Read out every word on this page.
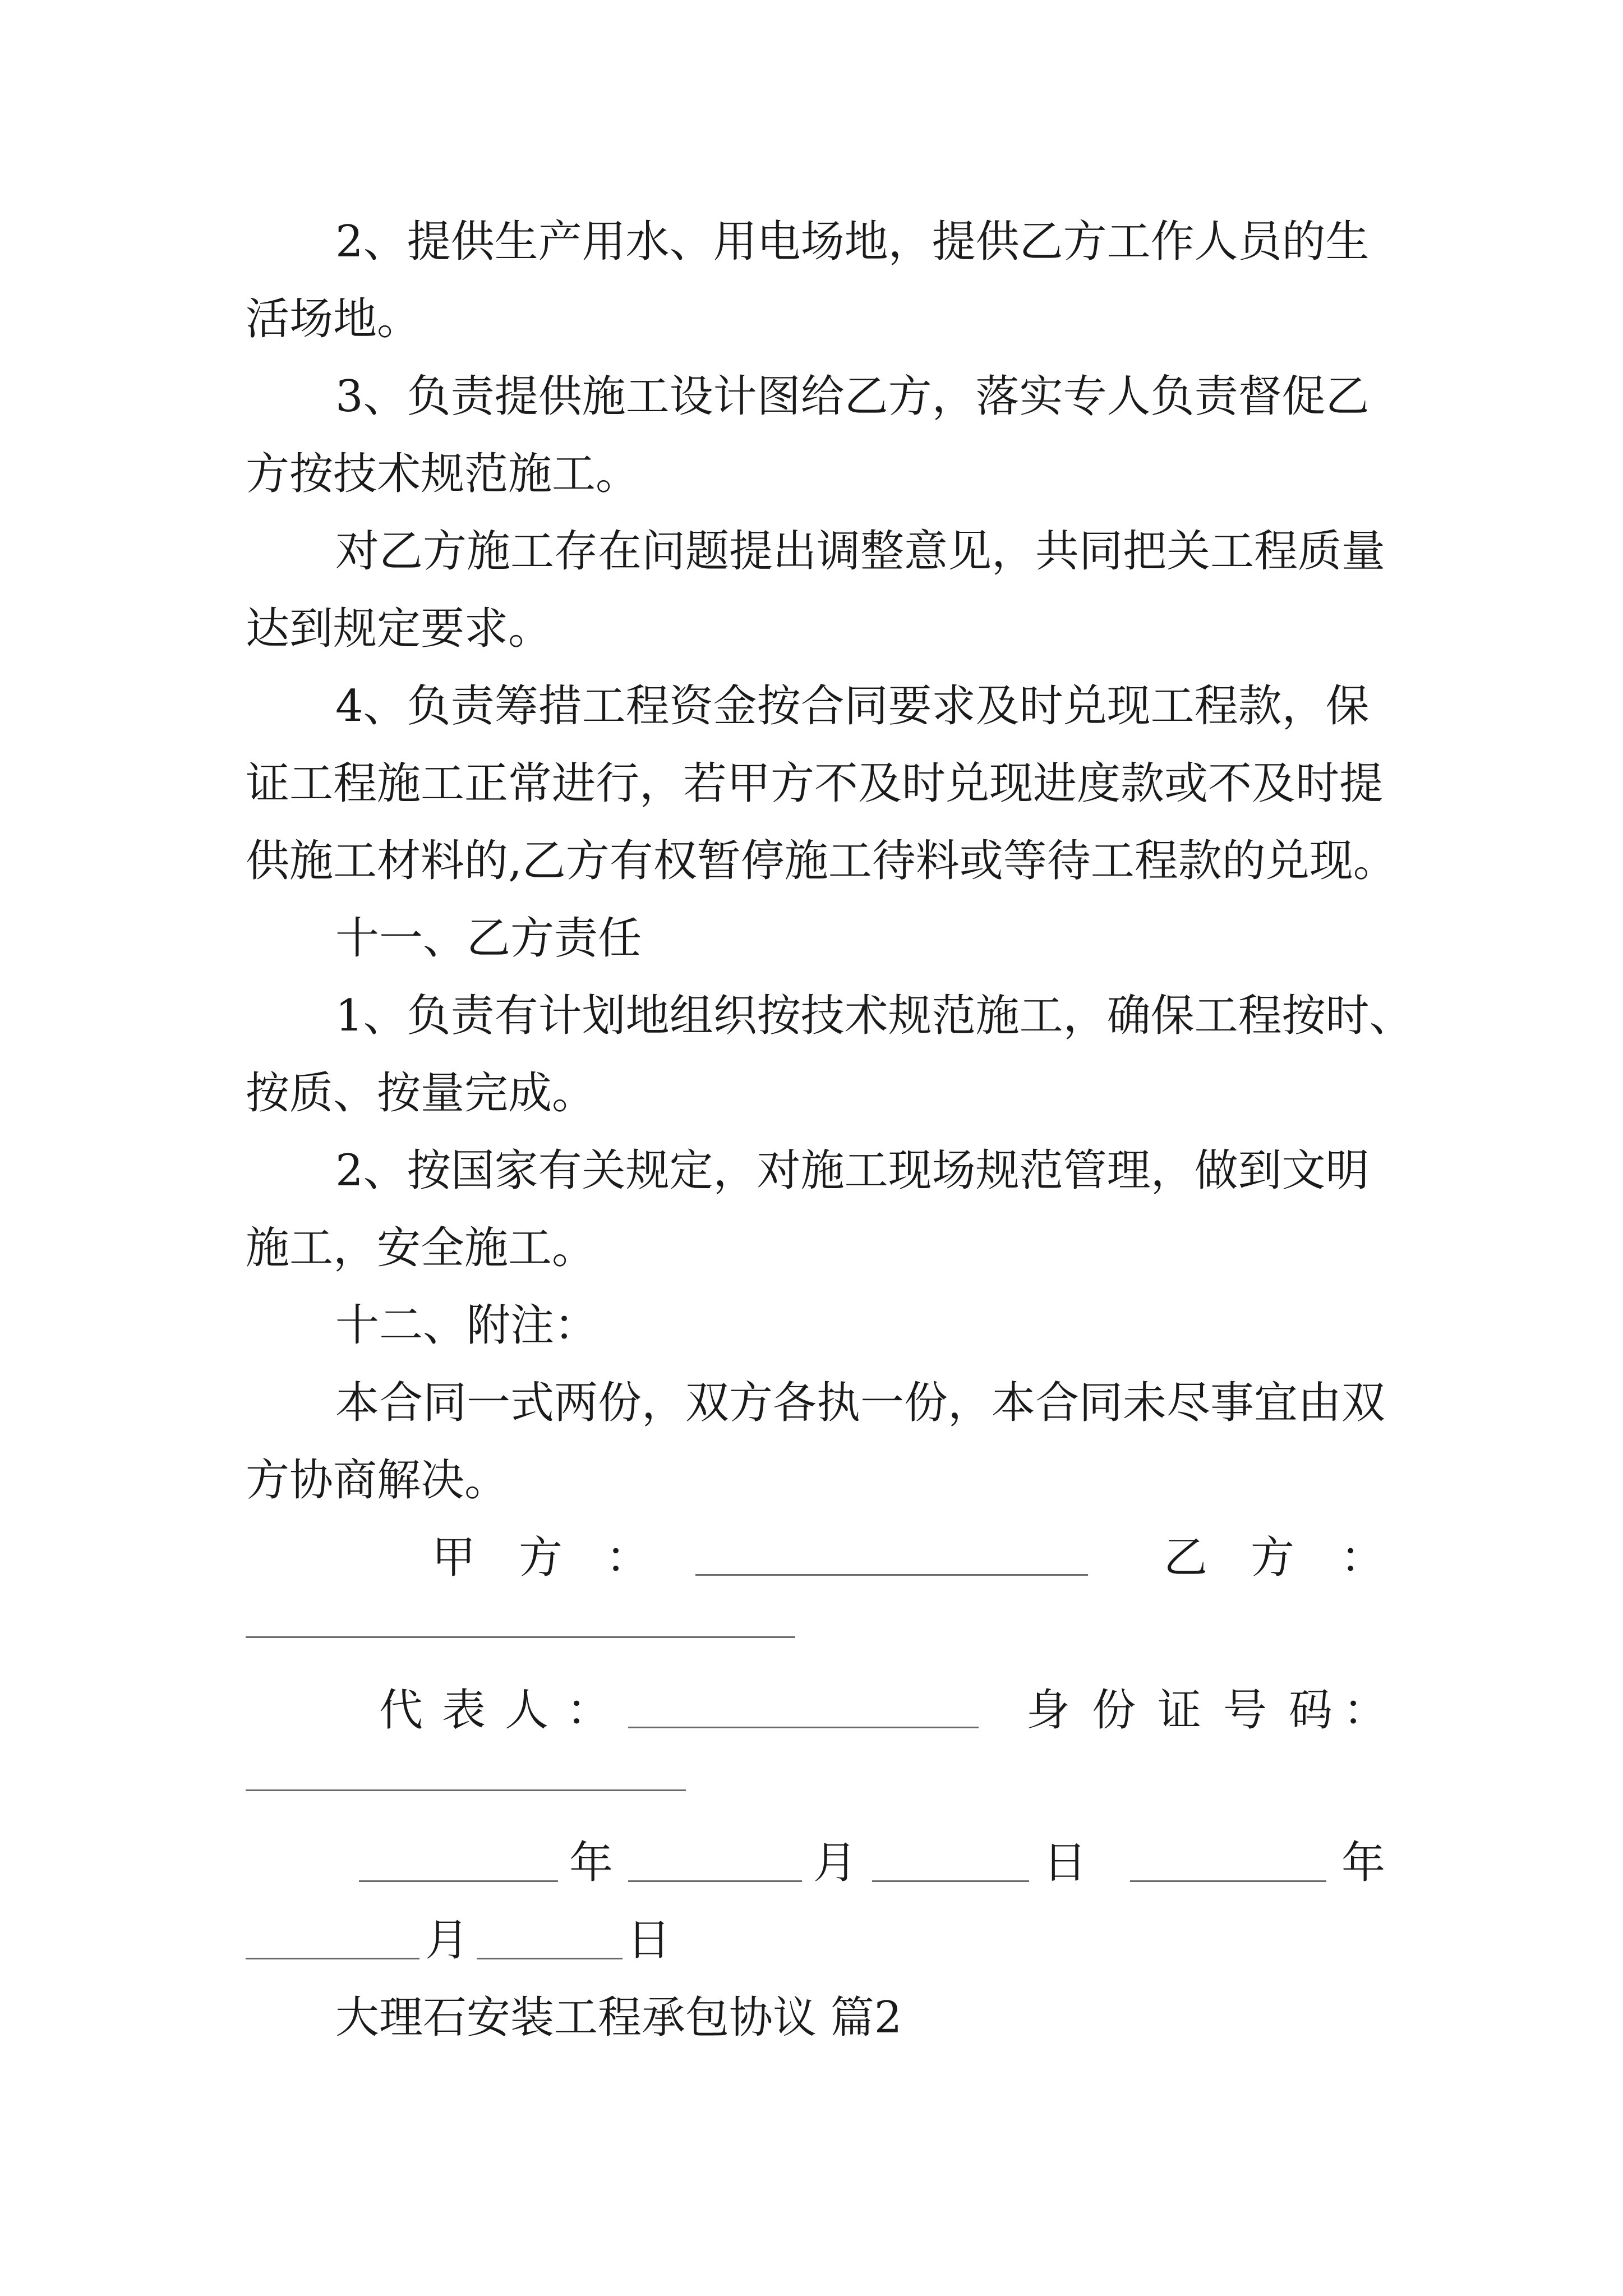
2、提供生产用水、用电场地，提供乙方工作人员的生
活场地。
3、负责提供施工设计图给乙方，落实专人负责督促乙
方按技术规范施工。
对乙方施工存在问题提出调整意见，共同把关工程质量
达到规定要求。
4、负责筹措工程资金按合同要求及时兑现工程款，保
证工程施工正常进行，若甲方不及时兑现进度款或不及时提
供施工材料的,乙方有权暂停施工待料或等待工程款的兑现。
十一、乙方责任
1、负责有计划地组织按技术规范施工，确保工程按时、
按质、按量完成。
2、按国家有关规定，对施工现场规范管理，做到文明
施工，安全施工。
十二、附注：
本合同一式两份，双方各执一份，本合同未尽事宜由双
方协商解决。
甲 方 ：	乙 方 ：
代 表 人 ：	身 份 证 号 码 ：
年	月	日	年
月	日
大理石安装工程承包协议 篇2
